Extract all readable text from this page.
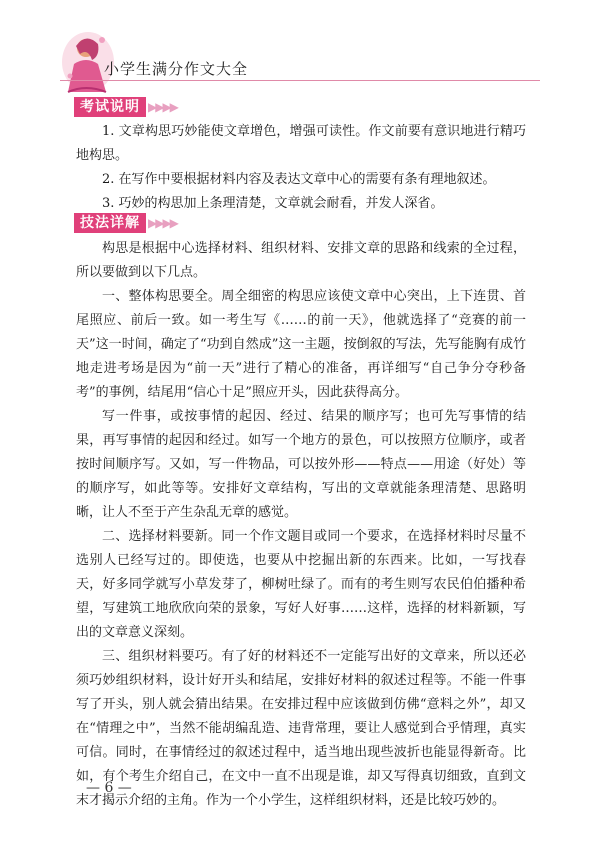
小学生满分作文大全
考试说明 ▶▶▶▶

1. 文章构思巧妙能使文章增色，增强可读性。作文前要有意识地进行精巧地构思。

2. 在写作中要根据材料内容及表达文章中心的需要有条有理地叙述。

3. 巧妙的构思加上条理清楚，文章就会耐看，并发人深省。

技法详解 ▶▶▶▶

构思是根据中心选择材料、组织材料、安排文章的思路和线索的全过程，所以要做到以下几点。

一、整体构思要全。周全细密的构思应该使文章中心突出，上下连贯、首尾照应、前后一致。如一考生写《……的前一天》，他就选择了“竞赛的前一天”这一时间，确定了“功到自然成”这一主题，按倒叙的写法，先写能胸有成竹地走进考场是因为“前一天”进行了精心的准备，再详细写“自己争分夺秒备考”的事例，结尾用“信心十足”照应开头，因此获得高分。

写一件事，或按事情的起因、经过、结果的顺序写；也可先写事情的结果，再写事情的起因和经过。如写一个地方的景色，可以按照方位顺序，或者按时间顺序写。又如，写一件物品，可以按外形——特点——用途（好处）等的顺序写，如此等等。安排好文章结构，写出的文章就能条理清楚、思路明晰，让人不至于产生杂乱无章的感觉。

二、选择材料要新。同一个作文题目或同一个要求，在选择材料时尽量不选别人已经写过的。即使选，也要从中挖掘出新的东西来。比如，一写找春天，好多同学就写小草发芽了，柳树吐绿了。而有的考生则写农民伯伯播种希望，写建筑工地欣欣向荣的景象，写好人好事……这样，选择的材料新颖，写出的文章意义深刻。

三、组织材料要巧。有了好的材料还不一定能写出好的文章来，所以还必须巧妙组织材料，设计好开头和结尾，安排好材料的叙述过程等。不能一件事写了开头，别人就会猜出结果。在安排过程中应该做到仿佛“意料之外”，却又在“情理之中”，当然不能胡编乱造、违背常理，要让人感觉到合乎情理，真实可信。同时，在事情经过的叙述过程中，适当地出现些波折也能显得新奇。比如，有个考生介绍自己，在文中一直不出现是谁，却又写得真切细致，直到文末才揭示介绍的主角。作为一个小学生，这样组织材料，还是比较巧妙的。

— 6 —
